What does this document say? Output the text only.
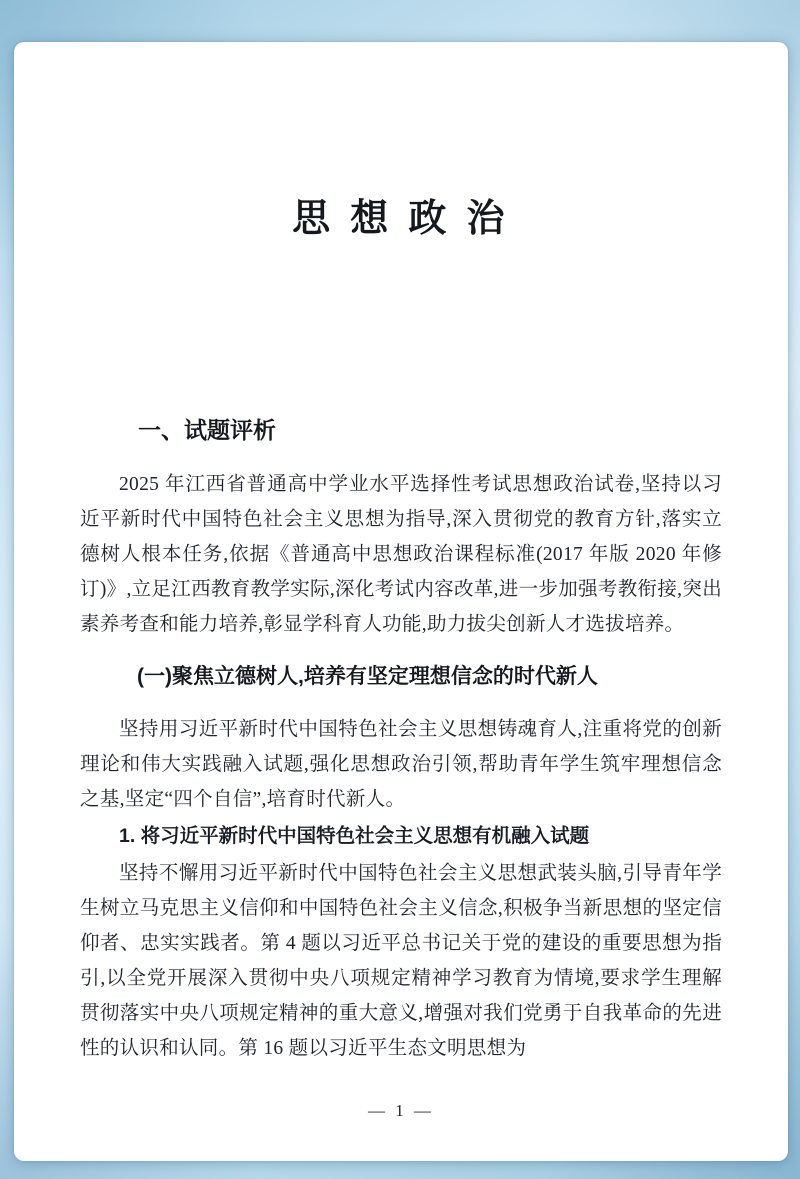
思 想 政 治
一、试题评析

2025 年江西省普通高中学业水平选择性考试思想政治试卷,坚持以习近平新时代中国特色社会主义思想为指导,深入贯彻党的教育方针,落实立德树人根本任务,依据《普通高中思想政治课程标准(2017 年版 2020 年修订)》,立足江西教育教学实际,深化考试内容改革,进一步加强考教衔接,突出素养考查和能力培养,彰显学科育人功能,助力拔尖创新人才选拔培养。

(一)聚焦立德树人,培养有坚定理想信念的时代新人

坚持用习近平新时代中国特色社会主义思想铸魂育人,注重将党的创新理论和伟大实践融入试题,强化思想政治引领,帮助青年学生筑牢理想信念之基,坚定“四个自信”,培育时代新人。

1. 将习近平新时代中国特色社会主义思想有机融入试题

坚持不懈用习近平新时代中国特色社会主义思想武装头脑,引导青年学生树立马克思主义信仰和中国特色社会主义信念,积极争当新思想的坚定信仰者、忠实实践者。第 4 题以习近平总书记关于党的建设的重要思想为指引,以全党开展深入贯彻中央八项规定精神学习教育为情境,要求学生理解贯彻落实中央八项规定精神的重大意义,增强对我们党勇于自我革命的先进性的认识和认同。第 16 题以习近平生态文明思想为

— 1 —
